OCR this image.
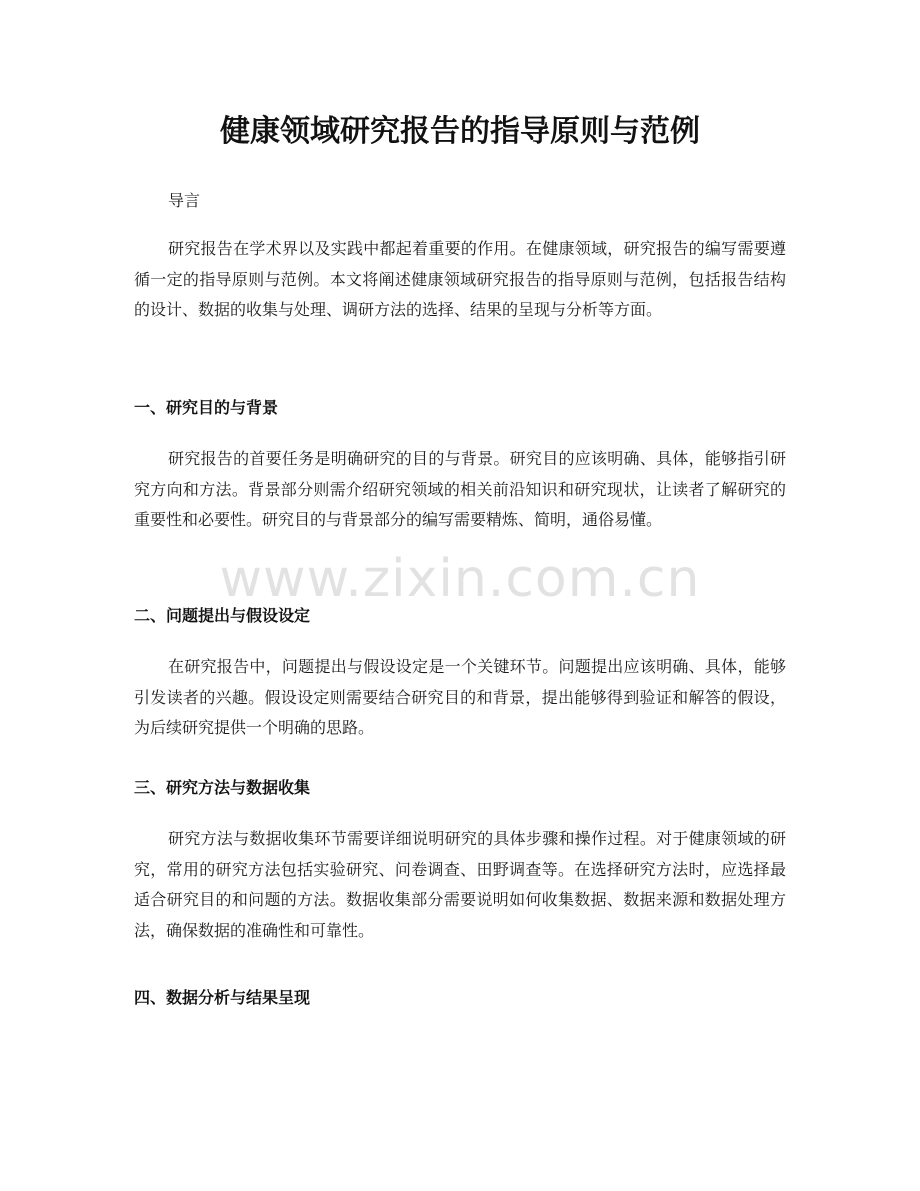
健康领域研究报告的指导原则与范例

导言

研究报告在学术界以及实践中都起着重要的作用。在健康领域，研究报告的编写需要遵循一定的指导原则与范例。本文将阐述健康领域研究报告的指导原则与范例，包括报告结构的设计、数据的收集与处理、调研方法的选择、结果的呈现与分析等方面。

一、研究目的与背景

研究报告的首要任务是明确研究的目的与背景。研究目的应该明确、具体，能够指引研究方向和方法。背景部分则需介绍研究领域的相关前沿知识和研究现状，让读者了解研究的重要性和必要性。研究目的与背景部分的编写需要精炼、简明，通俗易懂。

二、问题提出与假设设定

在研究报告中，问题提出与假设设定是一个关键环节。问题提出应该明确、具体，能够引发读者的兴趣。假设设定则需要结合研究目的和背景，提出能够得到验证和解答的假设，为后续研究提供一个明确的思路。

三、研究方法与数据收集

研究方法与数据收集环节需要详细说明研究的具体步骤和操作过程。对于健康领域的研究，常用的研究方法包括实验研究、问卷调查、田野调查等。在选择研究方法时，应选择最适合研究目的和问题的方法。数据收集部分需要说明如何收集数据、数据来源和数据处理方法，确保数据的准确性和可靠性。

四、数据分析与结果呈现
www.zixin.com.cn
